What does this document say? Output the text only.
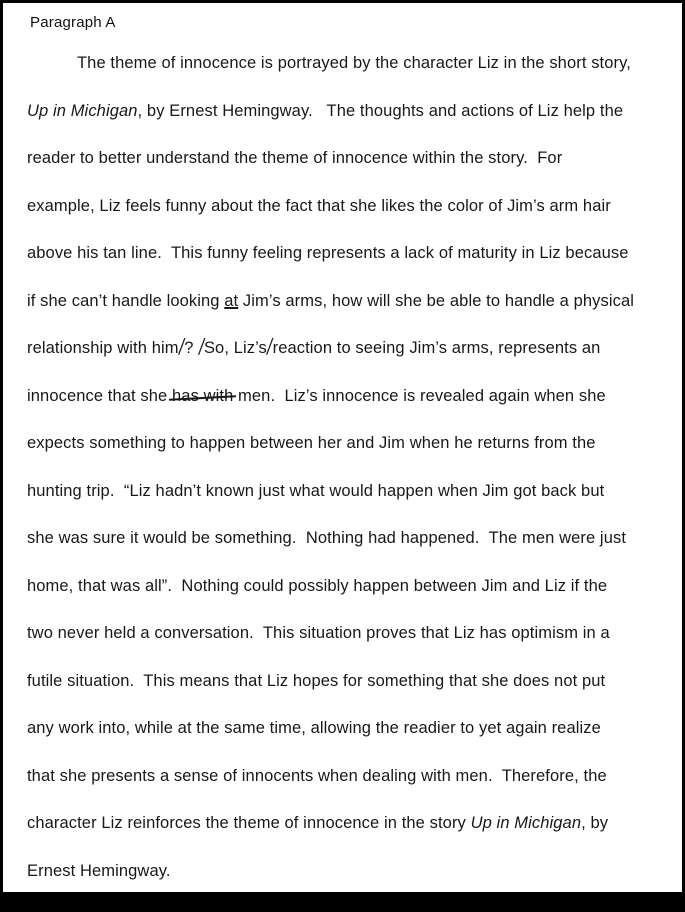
Paragraph A
The theme of innocence is portrayed by the character Liz in the short story,
Up in Michigan, by Ernest Hemingway.   The thoughts and actions of Liz help the
reader to better understand the theme of innocence within the story.  For
example, Liz feels funny about the fact that she likes the color of Jim’s arm hair
above his tan line.  This funny feeling represents a lack of maturity in Liz because
if she can’t handle looking at Jim’s arms, how will she be able to handle a physical
relationship with him/? /So, Liz’s/reaction to seeing Jim’s arms, represents an
innocence that she has with men.  Liz’s innocence is revealed again when she
expects something to happen between her and Jim when he returns from the
hunting trip.  “Liz hadn’t known just what would happen when Jim got back but
she was sure it would be something.  Nothing had happened.  The men were just
home, that was all”.  Nothing could possibly happen between Jim and Liz if the
two never held a conversation.  This situation proves that Liz has optimism in a
futile situation.  This means that Liz hopes for something that she does not put
any work into, while at the same time, allowing the readier to yet again realize
that she presents a sense of innocents when dealing with men.  Therefore, the
character Liz reinforces the theme of innocence in the story Up in Michigan, by
Ernest Hemingway.
